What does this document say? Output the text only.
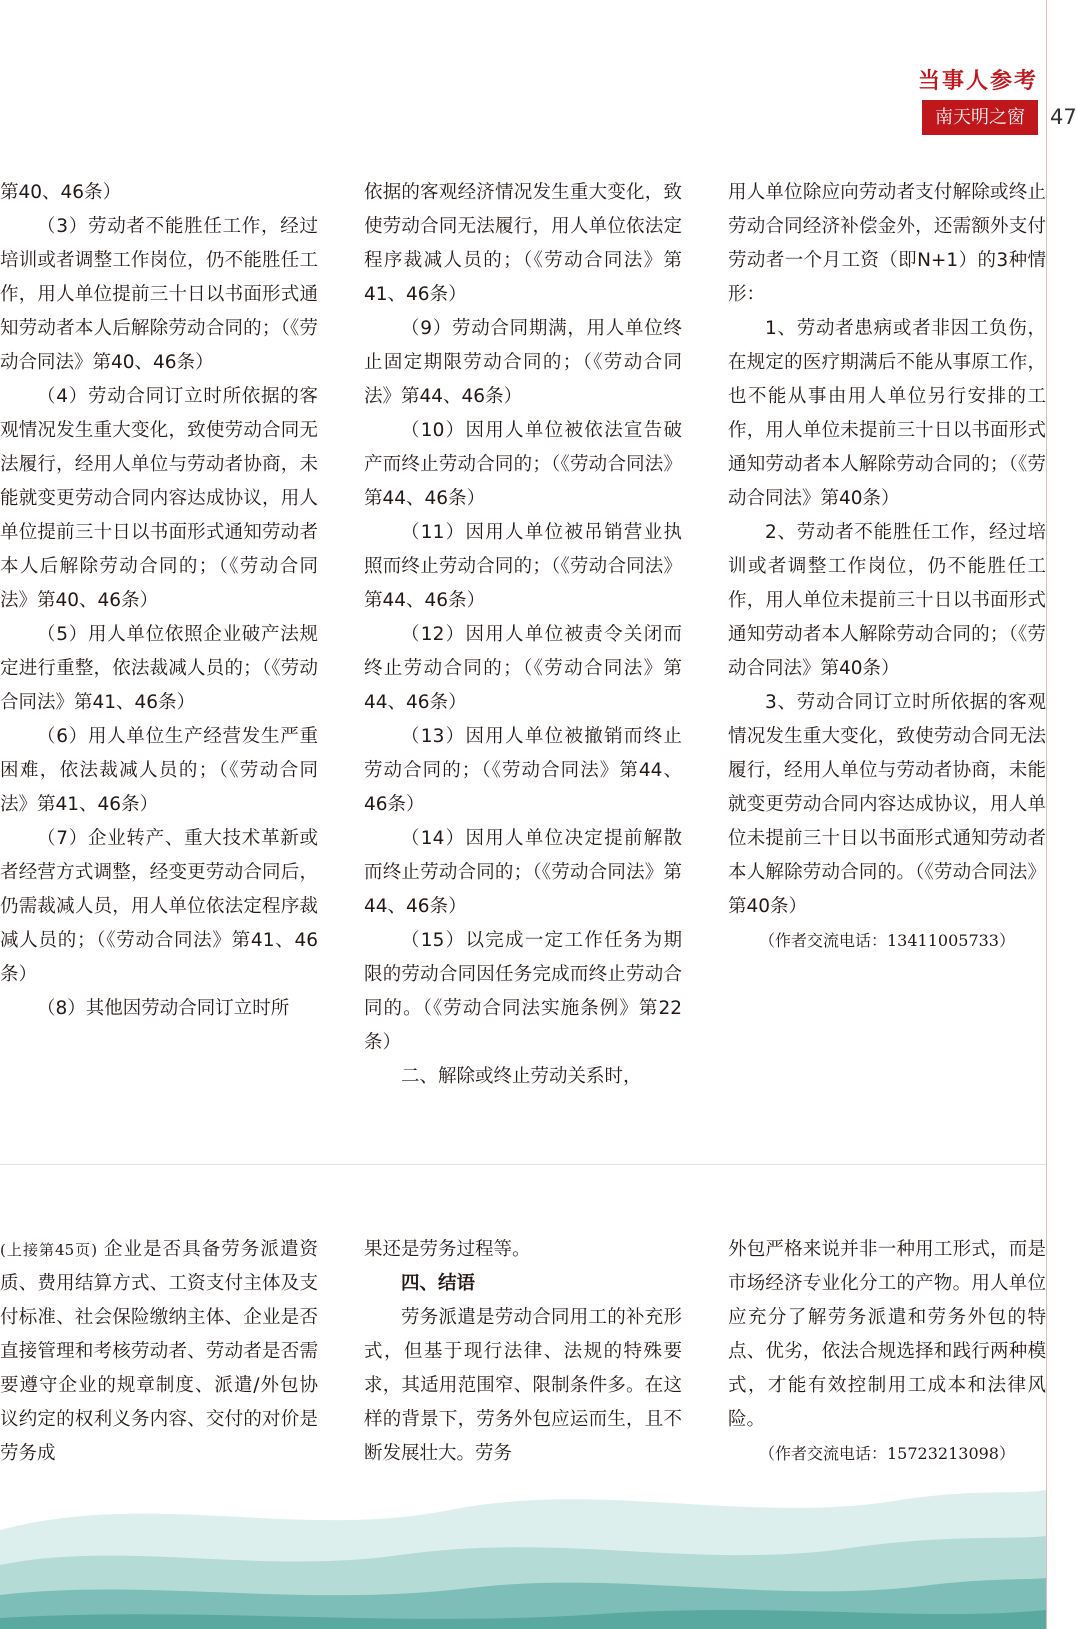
当事人参考
南天明之窗	47

第40、46条）

（3）劳动者不能胜任工作，经过培训或者调整工作岗位，仍不能胜任工作，用人单位提前三十日以书面形式通知劳动者本人后解除劳动合同的；（《劳动合同法》第40、46条）

（4）劳动合同订立时所依据的客观情况发生重大变化，致使劳动合同无法履行，经用人单位与劳动者协商，未能就变更劳动合同内容达成协议，用人单位提前三十日以书面形式通知劳动者本人后解除劳动合同的；（《劳动合同法》第40、46条）

（5）用人单位依照企业破产法规定进行重整，依法裁减人员的；（《劳动合同法》第41、46条）

（6）用人单位生产经营发生严重困难，依法裁减人员的；（《劳动合同法》第41、46条）

（7）企业转产、重大技术革新或者经营方式调整，经变更劳动合同后，仍需裁减人员，用人单位依法定程序裁减人员的；（《劳动合同法》第41、46条）

（8）其他因劳动合同订立时所

依据的客观经济情况发生重大变化，致使劳动合同无法履行，用人单位依法定程序裁减人员的；（《劳动合同法》第41、46条）

（9）劳动合同期满，用人单位终止固定期限劳动合同的；（《劳动合同法》第44、46条）

（10）因用人单位被依法宣告破产而终止劳动合同的；（《劳动合同法》第44、46条）

（11）因用人单位被吊销营业执照而终止劳动合同的；（《劳动合同法》第44、46条）

（12）因用人单位被责令关闭而终止劳动合同的；（《劳动合同法》第44、46条）

（13）因用人单位被撤销而终止劳动合同的；（《劳动合同法》第44、46条）

（14）因用人单位决定提前解散而终止劳动合同的；（《劳动合同法》第44、46条）

（15）以完成一定工作任务为期限的劳动合同因任务完成而终止劳动合同的。（《劳动合同法实施条例》第22条）

二、解除或终止劳动关系时，

用人单位除应向劳动者支付解除或终止劳动合同经济补偿金外，还需额外支付劳动者一个月工资（即N+1）的3种情形：

1、劳动者患病或者非因工负伤，在规定的医疗期满后不能从事原工作，也不能从事由用人单位另行安排的工作，用人单位未提前三十日以书面形式通知劳动者本人解除劳动合同的；（《劳动合同法》第40条）

2、劳动者不能胜任工作，经过培训或者调整工作岗位，仍不能胜任工作，用人单位未提前三十日以书面形式通知劳动者本人解除劳动合同的；（《劳动合同法》第40条）

3、劳动合同订立时所依据的客观情况发生重大变化，致使劳动合同无法履行，经用人单位与劳动者协商，未能就变更劳动合同内容达成协议，用人单位未提前三十日以书面形式通知劳动者本人解除劳动合同的。（《劳动合同法》第40条）

（作者交流电话：13411005733）

(上接第45页) 企业是否具备劳务派遣资质、费用结算方式、工资支付主体及支付标准、社会保险缴纳主体、企业是否直接管理和考核劳动者、劳动者是否需要遵守企业的规章制度、派遣/外包协议约定的权利义务内容、交付的对价是劳务成

果还是劳务过程等。

四、结语

劳务派遣是劳动合同用工的补充形式，但基于现行法律、法规的特殊要求，其适用范围窄、限制条件多。在这样的背景下，劳务外包应运而生，且不断发展壮大。劳务

外包严格来说并非一种用工形式，而是市场经济专业化分工的产物。用人单位应充分了解劳务派遣和劳务外包的特点、优劣，依法合规选择和践行两种模式，才能有效控制用工成本和法律风险。

（作者交流电话：15723213098）
